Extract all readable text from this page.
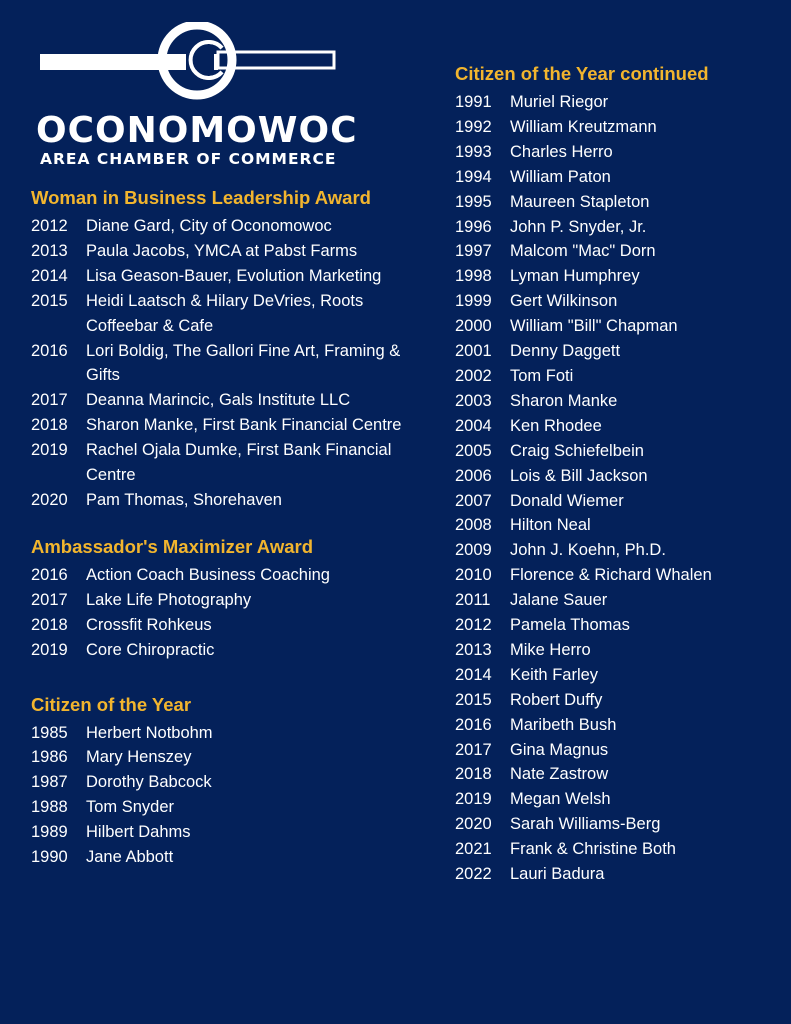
OCONOMOWOC
AREA CHAMBER OF COMMERCE
Woman in Business Leadership Award
2012	Diane Gard, City of Oconomowoc
2013	Paula Jacobs, YMCA at Pabst Farms
2014	Lisa Geason-Bauer, Evolution Marketing
2015	Heidi Laatsch & Hilary DeVries, Roots Coffeebar & Cafe
2016	Lori Boldig, The Gallori Fine Art, Framing & Gifts
2017	Deanna Marincic, Gals Institute LLC
2018	Sharon Manke, First Bank Financial Centre
2019	Rachel Ojala Dumke, First Bank Financial Centre
2020	Pam Thomas, Shorehaven
Ambassador's Maximizer Award
2016	Action Coach Business Coaching
2017	Lake Life Photography
2018	Crossfit Rohkeus
2019	Core Chiropractic
Citizen of the Year
1985	Herbert Notbohm
1986	Mary Henszey
1987	Dorothy Babcock
1988	Tom Snyder
1989	Hilbert Dahms
1990	Jane Abbott
Citizen of the Year continued
1991	Muriel Riegor
1992	William Kreutzmann
1993	Charles Herro
1994	William Paton
1995	Maureen Stapleton
1996	John P. Snyder, Jr.
1997	Malcom "Mac" Dorn
1998	Lyman Humphrey
1999	Gert Wilkinson
2000	William "Bill" Chapman
2001	Denny Daggett
2002	Tom Foti
2003	Sharon Manke
2004	Ken Rhodee
2005	Craig Schiefelbein
2006	Lois & Bill Jackson
2007	Donald Wiemer
2008	Hilton Neal
2009	John J. Koehn, Ph.D.
2010	Florence & Richard Whalen
2011	Jalane Sauer
2012	Pamela Thomas
2013	Mike Herro
2014	Keith Farley
2015	Robert Duffy
2016	Maribeth Bush
2017	Gina Magnus
2018	Nate Zastrow
2019	Megan Welsh
2020	Sarah Williams-Berg
2021	Frank & Christine Both
2022	Lauri Badura
